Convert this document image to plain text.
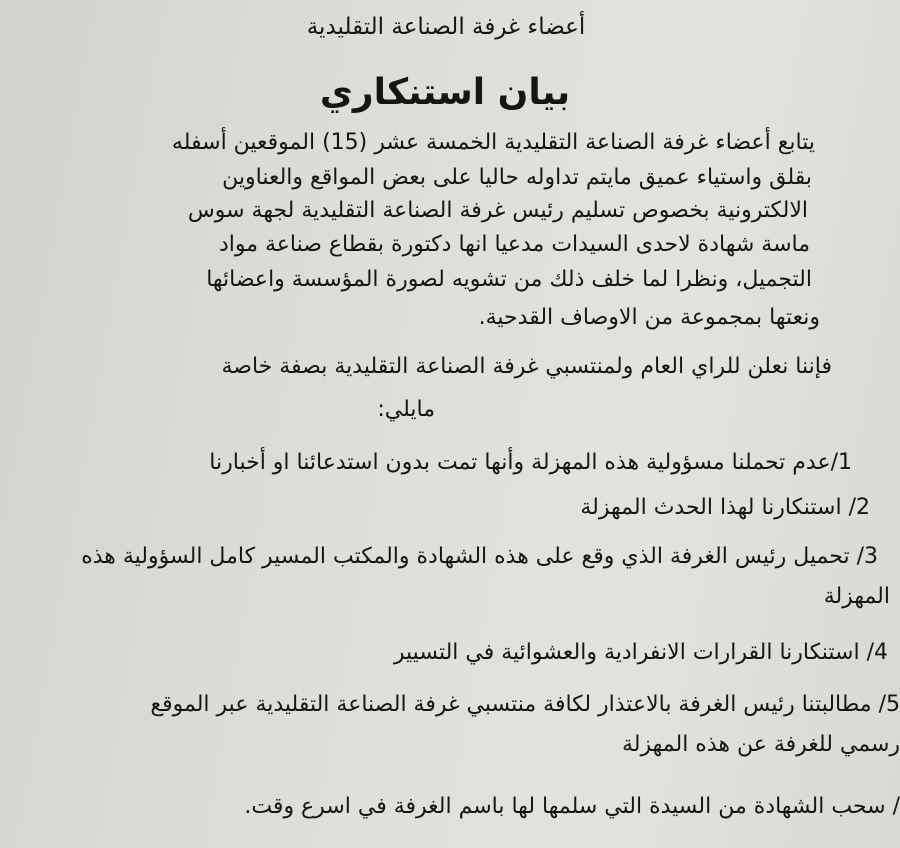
أعضاء غرفة الصناعة التقليدية
بيان استنكاري
يتابع أعضاء غرفة الصناعة التقليدية الخمسة عشر (15) الموقعين أسفله
بقلق واستياء عميق مايتم تداوله حاليا على بعض المواقع والعناوين
الالكترونية بخصوص تسليم رئيس غرفة الصناعة التقليدية لجهة سوس
ماسة شهادة لاحدى السيدات مدعيا انها دكتورة بقطاع صناعة مواد
التجميل، ونظرا لما خلف ذلك من تشويه لصورة المؤسسة واعضائها
ونعتها بمجموعة من الاوصاف القدحية.
فإننا نعلن للراي العام ولمنتسبي غرفة الصناعة التقليدية بصفة خاصة
مايلي:
1/عدم تحملنا مسؤولية هذه المهزلة وأنها تمت بدون استدعائنا او أخبارنا
2/ استنكارنا لهذا الحدث المهزلة
3/ تحميل رئيس الغرفة الذي وقع على هذه الشهادة والمكتب المسير كامل السؤولية هذه
المهزلة
4/ استنكارنا القرارات الانفرادية والعشوائية في التسيير
5/ مطالبتنا رئيس الغرفة بالاعتذار لكافة منتسبي غرفة الصناعة التقليدية عبر الموقع
رسمي للغرفة عن هذه المهزلة
/ سحب الشهادة من السيدة التي سلمها لها باسم الغرفة في اسرع وقت.
